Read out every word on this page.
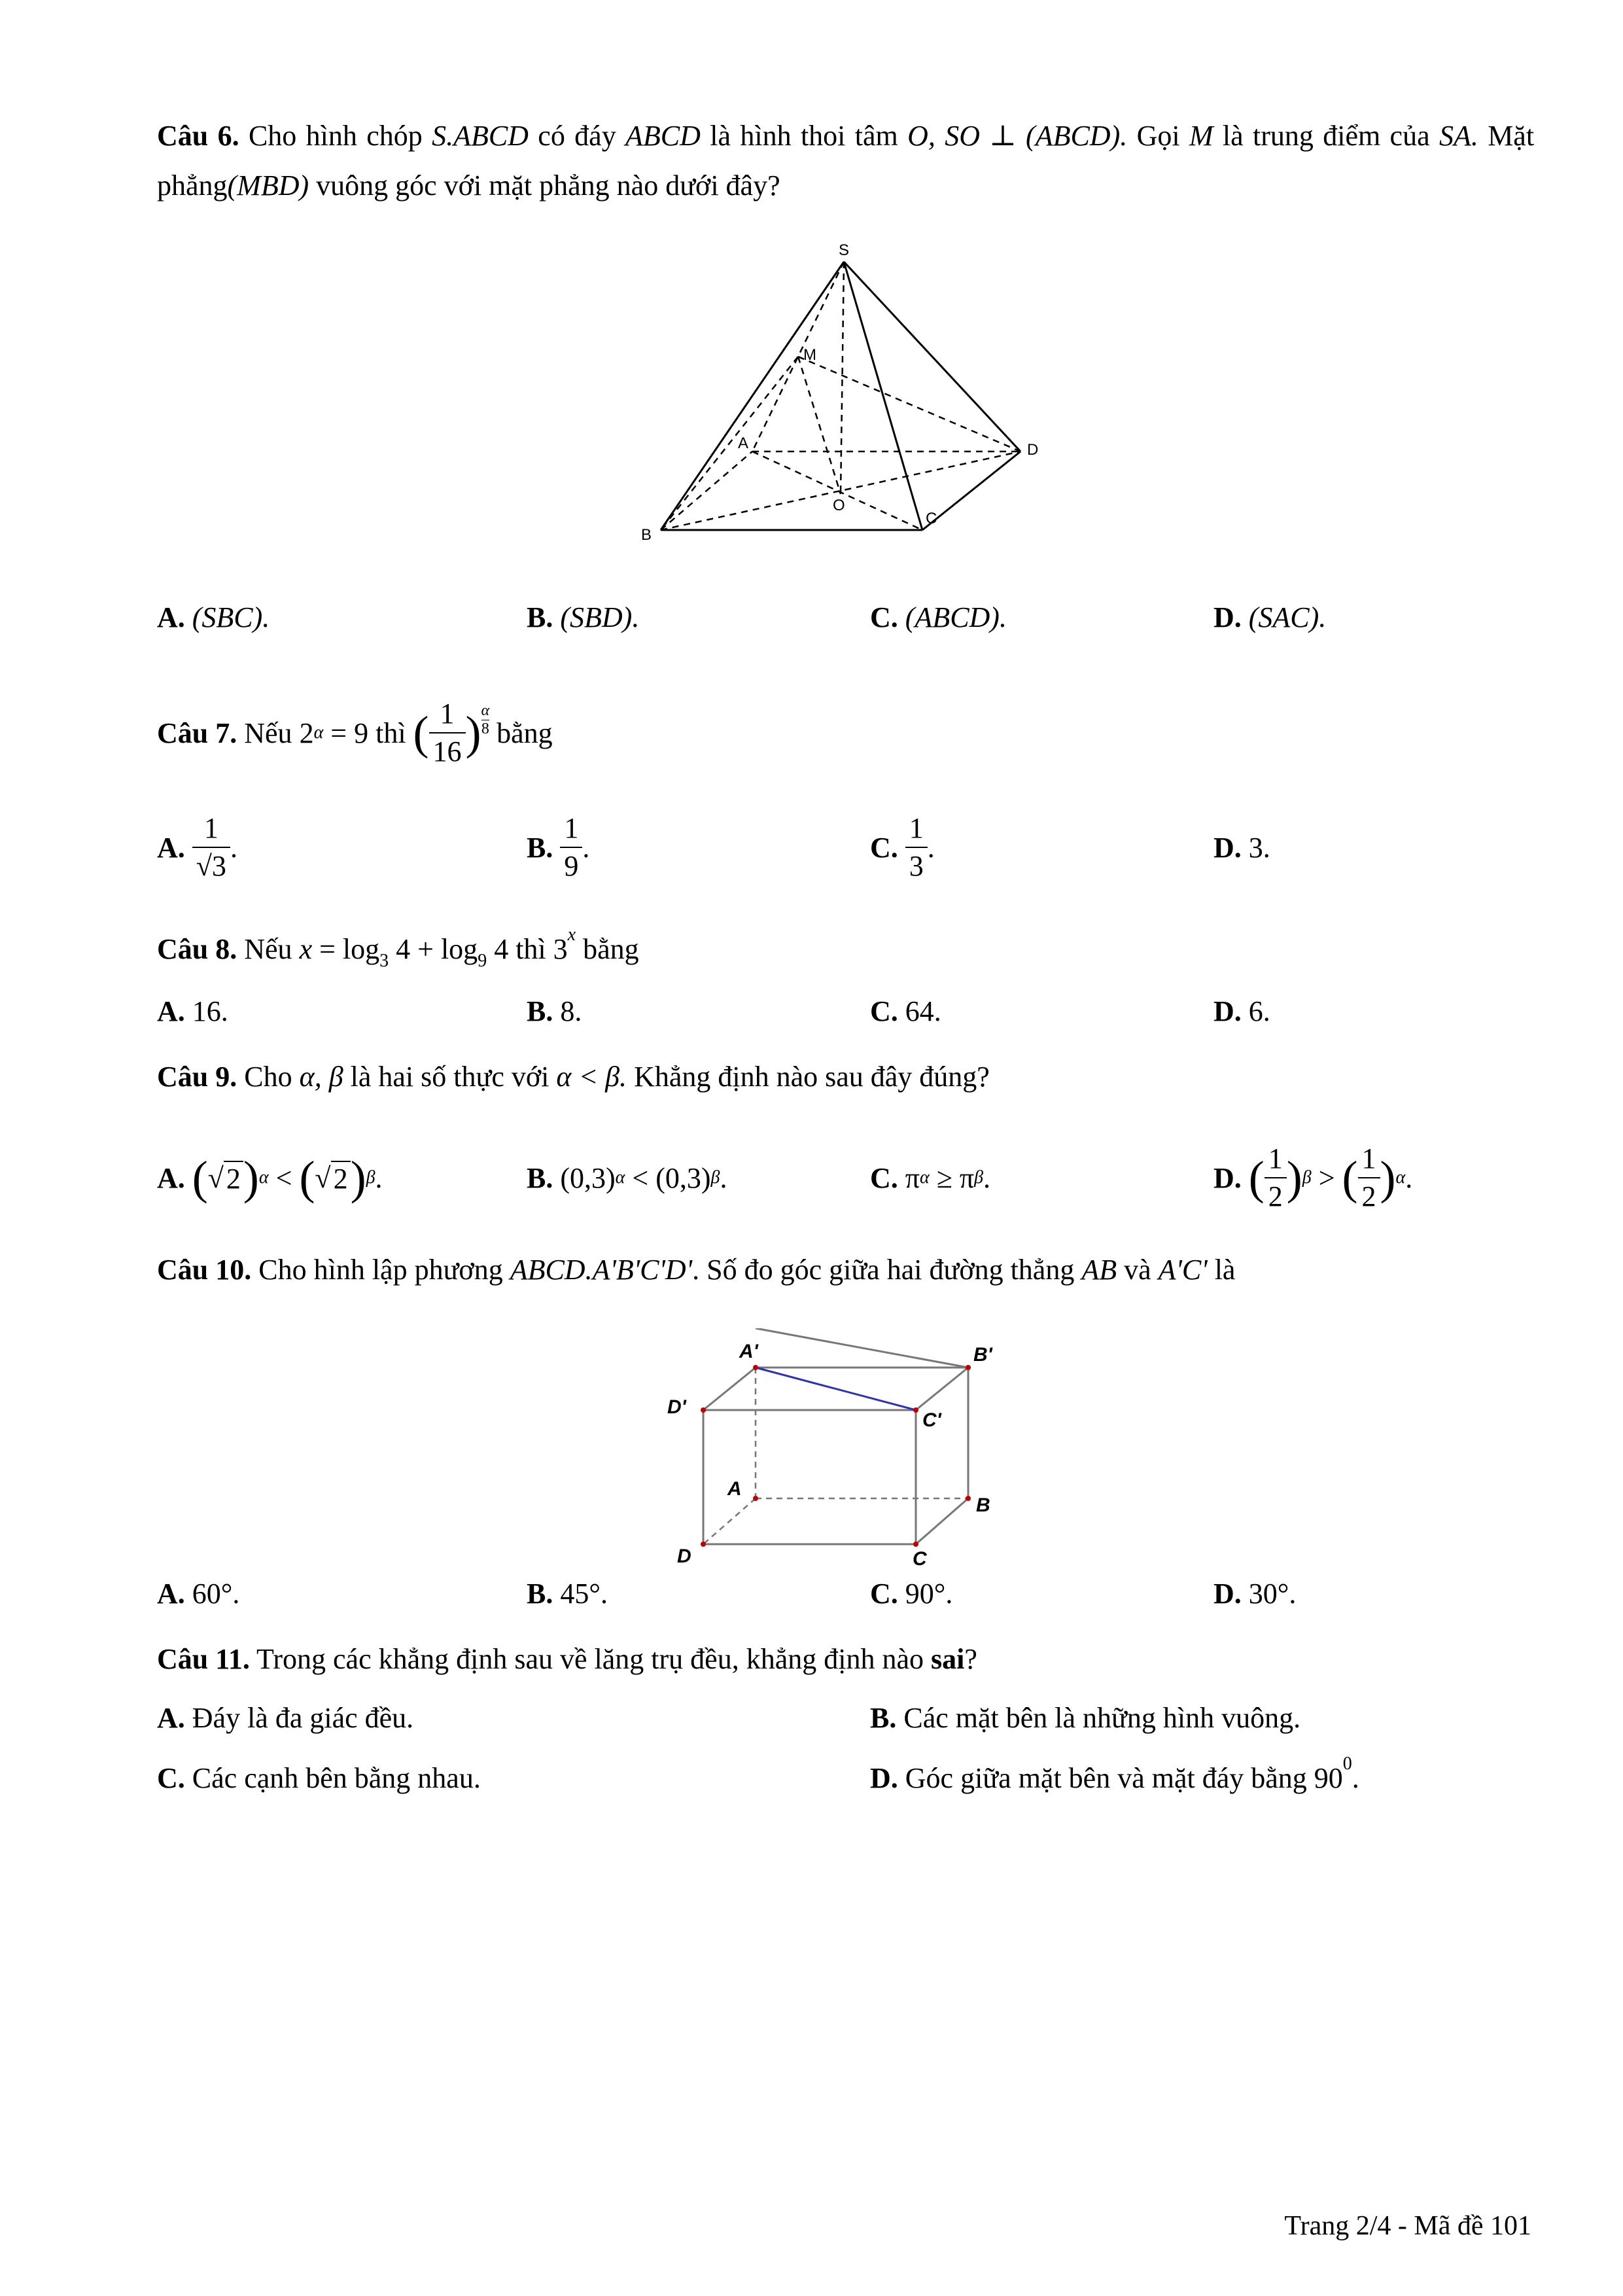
Câu 6. Cho hình chóp S.ABCD có đáy ABCD là hình thoi tâm O, SO ⊥ (ABCD). Gọi M là trung điểm của SA. Mặt phẳng(MBD) vuông góc với mặt phẳng nào dưới đây?
S
M
A	D
O
B
C
A. (SBC).	B. (SBD).	C. (ABCD).	D. (SAC).
Câu 7.
Nếu
2 α
= 9
thì
( $\frac{1}{16}$ ) $\frac{\alpha}{8}$
bằng
A.
$\frac{1}{√3}$ .	B.
$\frac{1}{9}$ .	C.
$\frac{1}{3}$ .	D.
3.
Câu 8. Nếu $x = \log_3 4 + \log_9 4$ thì 3$^x$ bằng
A. 16.	B. 8.	C. 64.	D. 6.
Câu 9. Cho α, β là hai số thực với α < β. Khẳng định nào sau đây đúng?
A.
( √ 2 ) α
<
( √ 2 ) β .	B.
(0,3) α
< (0,3) β .	C.
π α
≥ π β .	D.
( $\frac{1}{2}$ ) β
>
( $\frac{1}{2}$ ) α .
Câu 10. Cho hình lập phương ABCD.A'B'C'D'. Số đo góc giữa hai đường thẳng AB và A'C' là
A'	B'
D'
C'
A
B
D	C
A. 60°.	B. 45°.	C. 90°.	D. 30°.
Câu 11. Trong các khẳng định sau về lăng trụ đều, khẳng định nào sai?
A. Đáy là đa giác đều.	B. Các mặt bên là những hình vuông.
C. Các cạnh bên bằng nhau.	D. Góc giữa mặt bên và mặt đáy bằng $90^0$.
Trang 2/4 - Mã đề 101
